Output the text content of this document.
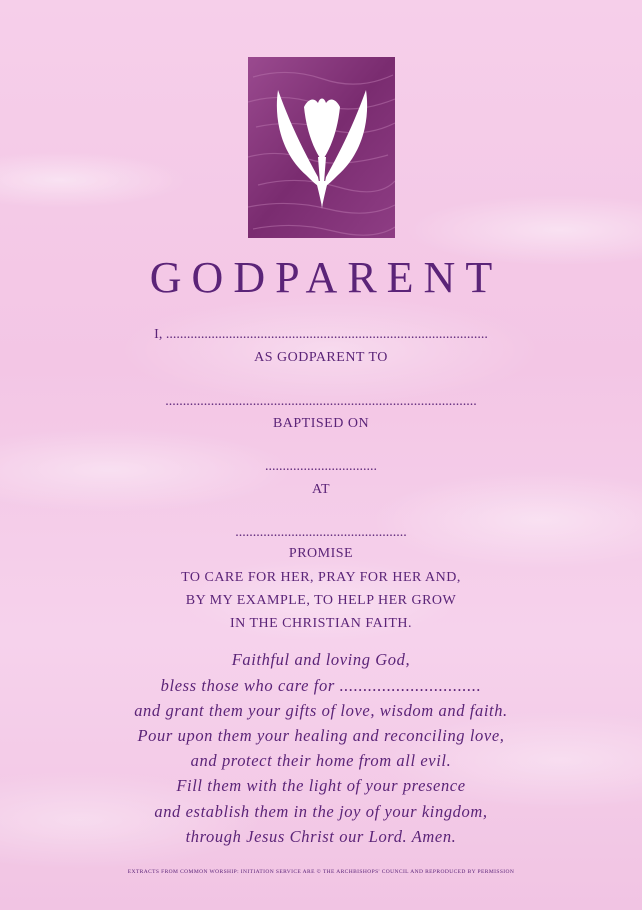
GODPARENT
I, ............................................................................................
AS GODPARENT TO
.........................................................................................
BAPTISED ON
................................
AT
.................................................
PROMISE
TO CARE FOR HER, PRAY FOR HER AND,
BY MY EXAMPLE, TO HELP HER GROW
IN THE CHRISTIAN FAITH.
Faithful and loving God,
bless those who care for ..............................
and grant them your gifts of love, wisdom and faith.
Pour upon them your healing and reconciling love,
and protect their home from all evil.
Fill them with the light of your presence
and establish them in the joy of your kingdom,
through Jesus Christ our Lord. Amen.
EXTRACTS FROM COMMON WORSHIP: INITIATION SERVICE ARE © THE ARCHBISHOPS' COUNCIL AND REPRODUCED BY PERMISSION
